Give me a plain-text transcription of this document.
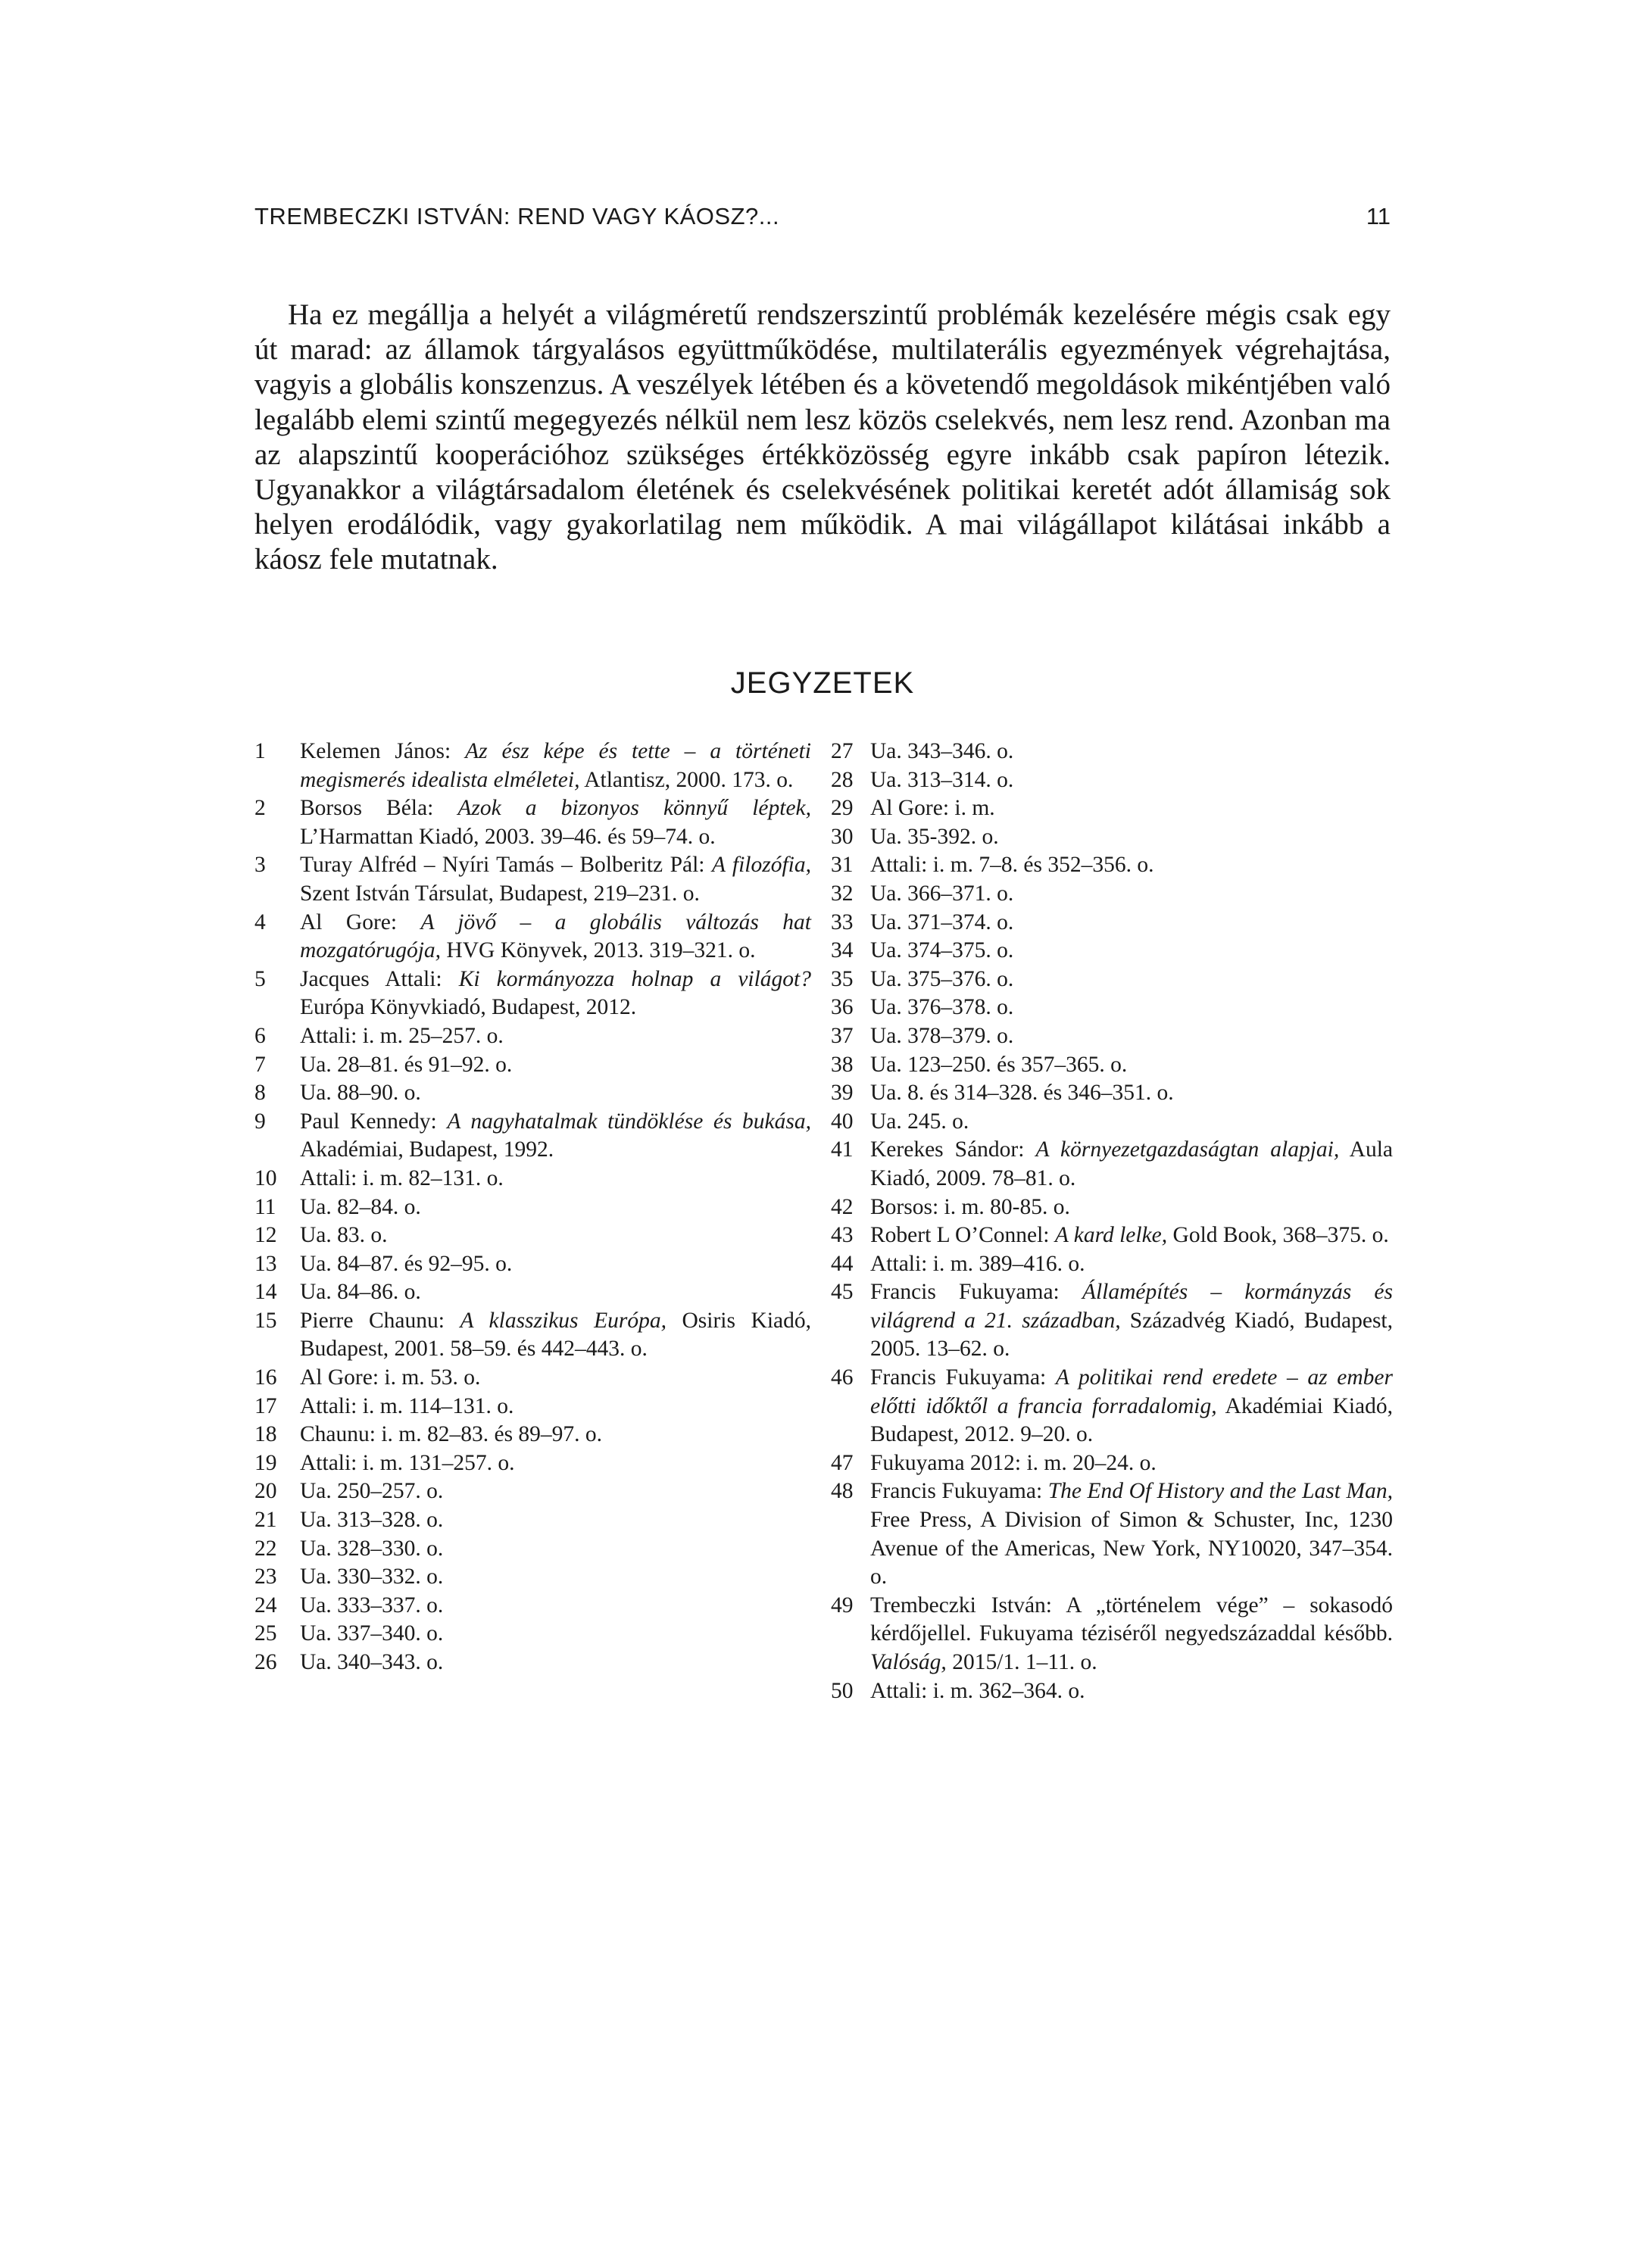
TREMBECZKI ISTVÁN: REND VAGY KÁOSZ?...	11

Ha ez megállja a helyét a világméretű rendszerszintű problémák kezelésére mégis csak egy út marad: az államok tárgyalásos együttműködése, multilaterális egyezmények végrehajtása, vagyis a globális konszenzus. A veszélyek létében és a követendő megoldások mikéntjében való legalább elemi szintű megegyezés nélkül nem lesz közös cselekvés, nem lesz rend. Azonban ma az alapszintű kooperációhoz szükséges értékközösség egyre inkább csak papíron létezik. Ugyanakkor a világtársadalom életének és cselekvésének politikai keretét adót államiság sok helyen erodálódik, vagy gyakorlatilag nem működik. A mai világállapot kilátásai inkább a káosz fele mutatnak.

JEGYZETEK
1	Kelemen János: Az ész képe és tette – a történeti megismerés idealista elméletei, Atlantisz, 2000. 173. o.
2	Borsos Béla: Azok a bizonyos könnyű léptek, L’Harmattan Kiadó, 2003. 39–46. és 59–74. o.
3	Turay Alfréd – Nyíri Tamás – Bolberitz Pál: A filozófia, Szent István Társulat, Budapest, 219–231. o.
4	Al Gore: A jövő – a globális változás hat mozgatórugója, HVG Könyvek, 2013. 319–321. o.
5	Jacques Attali: Ki kormányozza holnap a világot? Európa Könyvkiadó, Budapest, 2012.
6	Attali: i. m. 25–257. o.
7	Ua. 28–81. és 91–92. o.
8	Ua. 88–90. o.
9	Paul Kennedy: A nagyhatalmak tündöklése és bukása, Akadémiai, Budapest, 1992.
10	Attali: i. m. 82–131. o.
11	Ua. 82–84. o.
12	Ua. 83. o.
13	Ua. 84–87. és 92–95. o.
14	Ua. 84–86. o.
15	Pierre Chaunu: A klasszikus Európa, Osiris Kiadó, Budapest, 2001. 58–59. és 442–443. o.
16	Al Gore: i. m. 53. o.
17	Attali: i. m. 114–131. o.
18	Chaunu: i. m. 82–83. és 89–97. o.
19	Attali: i. m. 131–257. o.
20	Ua. 250–257. o.
21	Ua. 313–328. o.
22	Ua. 328–330. o.
23	Ua. 330–332. o.
24	Ua. 333–337. o.
25	Ua. 337–340. o.
26	Ua. 340–343. o.
27 Ua. 343–346. o.
28 Ua. 313–314. o.
29 Al Gore: i. m.
30 Ua. 35-392. o.
31 Attali: i. m. 7–8. és 352–356. o.
32 Ua. 366–371. o.
33 Ua. 371–374. o.
34 Ua. 374–375. o.
35 Ua. 375–376. o.
36 Ua. 376–378. o.
37 Ua. 378–379. o.
38 Ua. 123–250. és 357–365. o.
39 Ua. 8. és 314–328. és 346–351. o.
40 Ua. 245. o.
41 Kerekes Sándor: A környezetgazdaságtan alapjai, Aula Kiadó, 2009. 78–81. o.
42 Borsos: i. m. 80-85. o.
43 Robert L O’Connel: A kard lelke, Gold Book, 368–375. o.
44 Attali: i. m. 389–416. o.
45 Francis Fukuyama: Államépítés – kormányzás és világrend a 21. században, Századvég Kiadó, Budapest, 2005. 13–62. o.
46 Francis Fukuyama: A politikai rend eredete – az ember előtti időktől a francia forradalomig, Akadémiai Kiadó, Budapest, 2012. 9–20. o.
47 Fukuyama 2012: i. m. 20–24. o.
48 Francis Fukuyama: The End Of History and the Last Man, Free Press, A Division of Simon & Schuster, Inc, 1230 Avenue of the Americas, New York, NY10020, 347–354. o.
49 Trembeczki István: A „történelem vége” – sokasodó kérdőjellel. Fukuyama téziséről negyedszázaddal később. Valóság, 2015/1. 1–11. o.
50 Attali: i. m. 362–364. o.
